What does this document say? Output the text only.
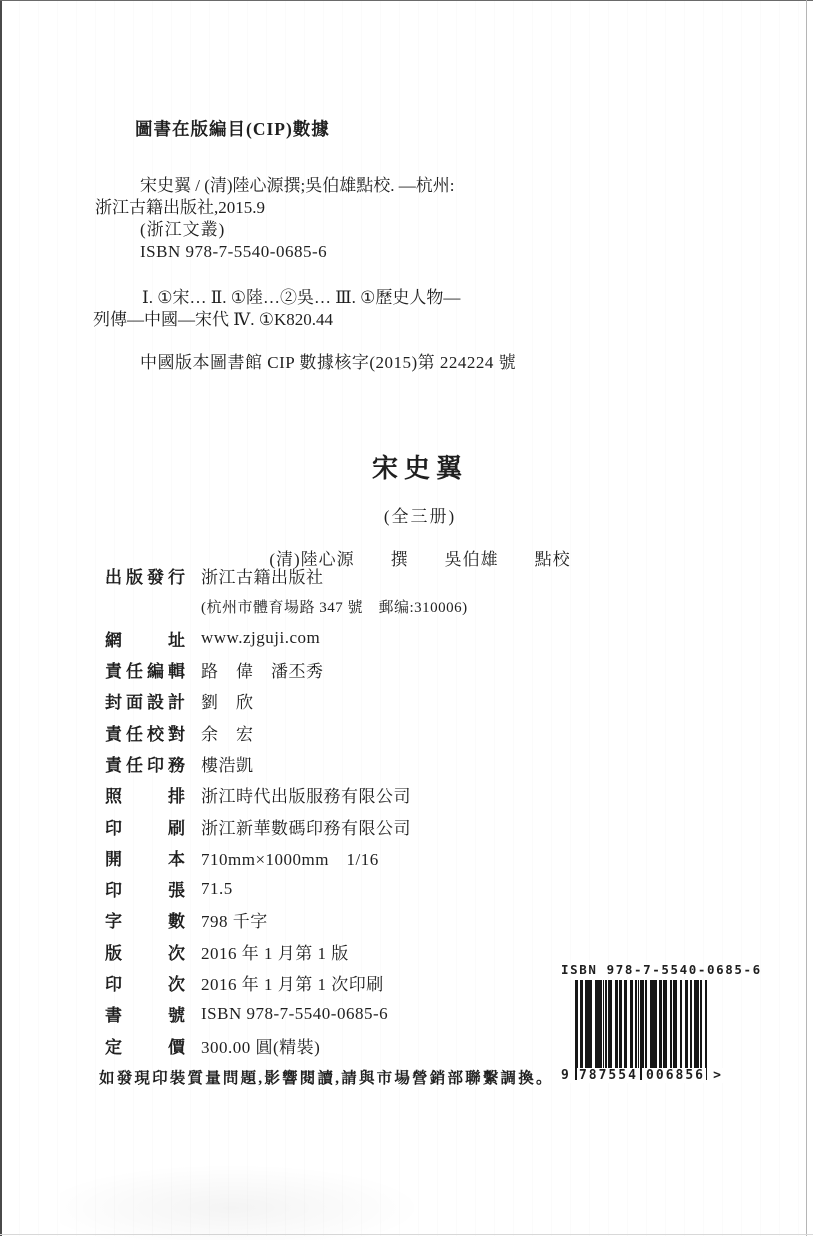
圖書在版編目(CIP)數據

宋史翼 / (清)陸心源撰;吳伯雄點校. —杭州:

浙江古籍出版社,2015.9

(浙江文叢)

ISBN 978-7-5540-0685-6

Ⅰ. ①宋… Ⅱ. ①陸…②吳… Ⅲ. ①歷史人物—

列傳—中國—宋代 Ⅳ. ①K820.44

中國版本圖書館 CIP 數據核字(2015)第 224224 號

宋史翼
(全三册)
(清)陸心源　　撰　　吳伯雄　　點校
出版發行 浙江古籍出版社
(杭州市體育場路 347 號　郵编:310006)
網址 www.zjguji.com
責任編輯 路　偉　潘丕秀
封面設計 劉　欣
責任校對 余　宏
責任印務 樓浩凱
照排 浙江時代出版服務有限公司
印刷 浙江新華數碼印務有限公司
開本 710mm×1000mm　1/16
印張 71.5
字數 798 千字
版次 2016 年 1 月第 1 版
印次 2016 年 1 月第 1 次印刷
書號 ISBN 978-7-5540-0685-6
定價 300.00 圓(精裝)

如發現印裝質量問題,影響閱讀,請與市場營銷部聯繫調換。

ISBN 978-7-5540-0685-6
9 787554 006856 >
